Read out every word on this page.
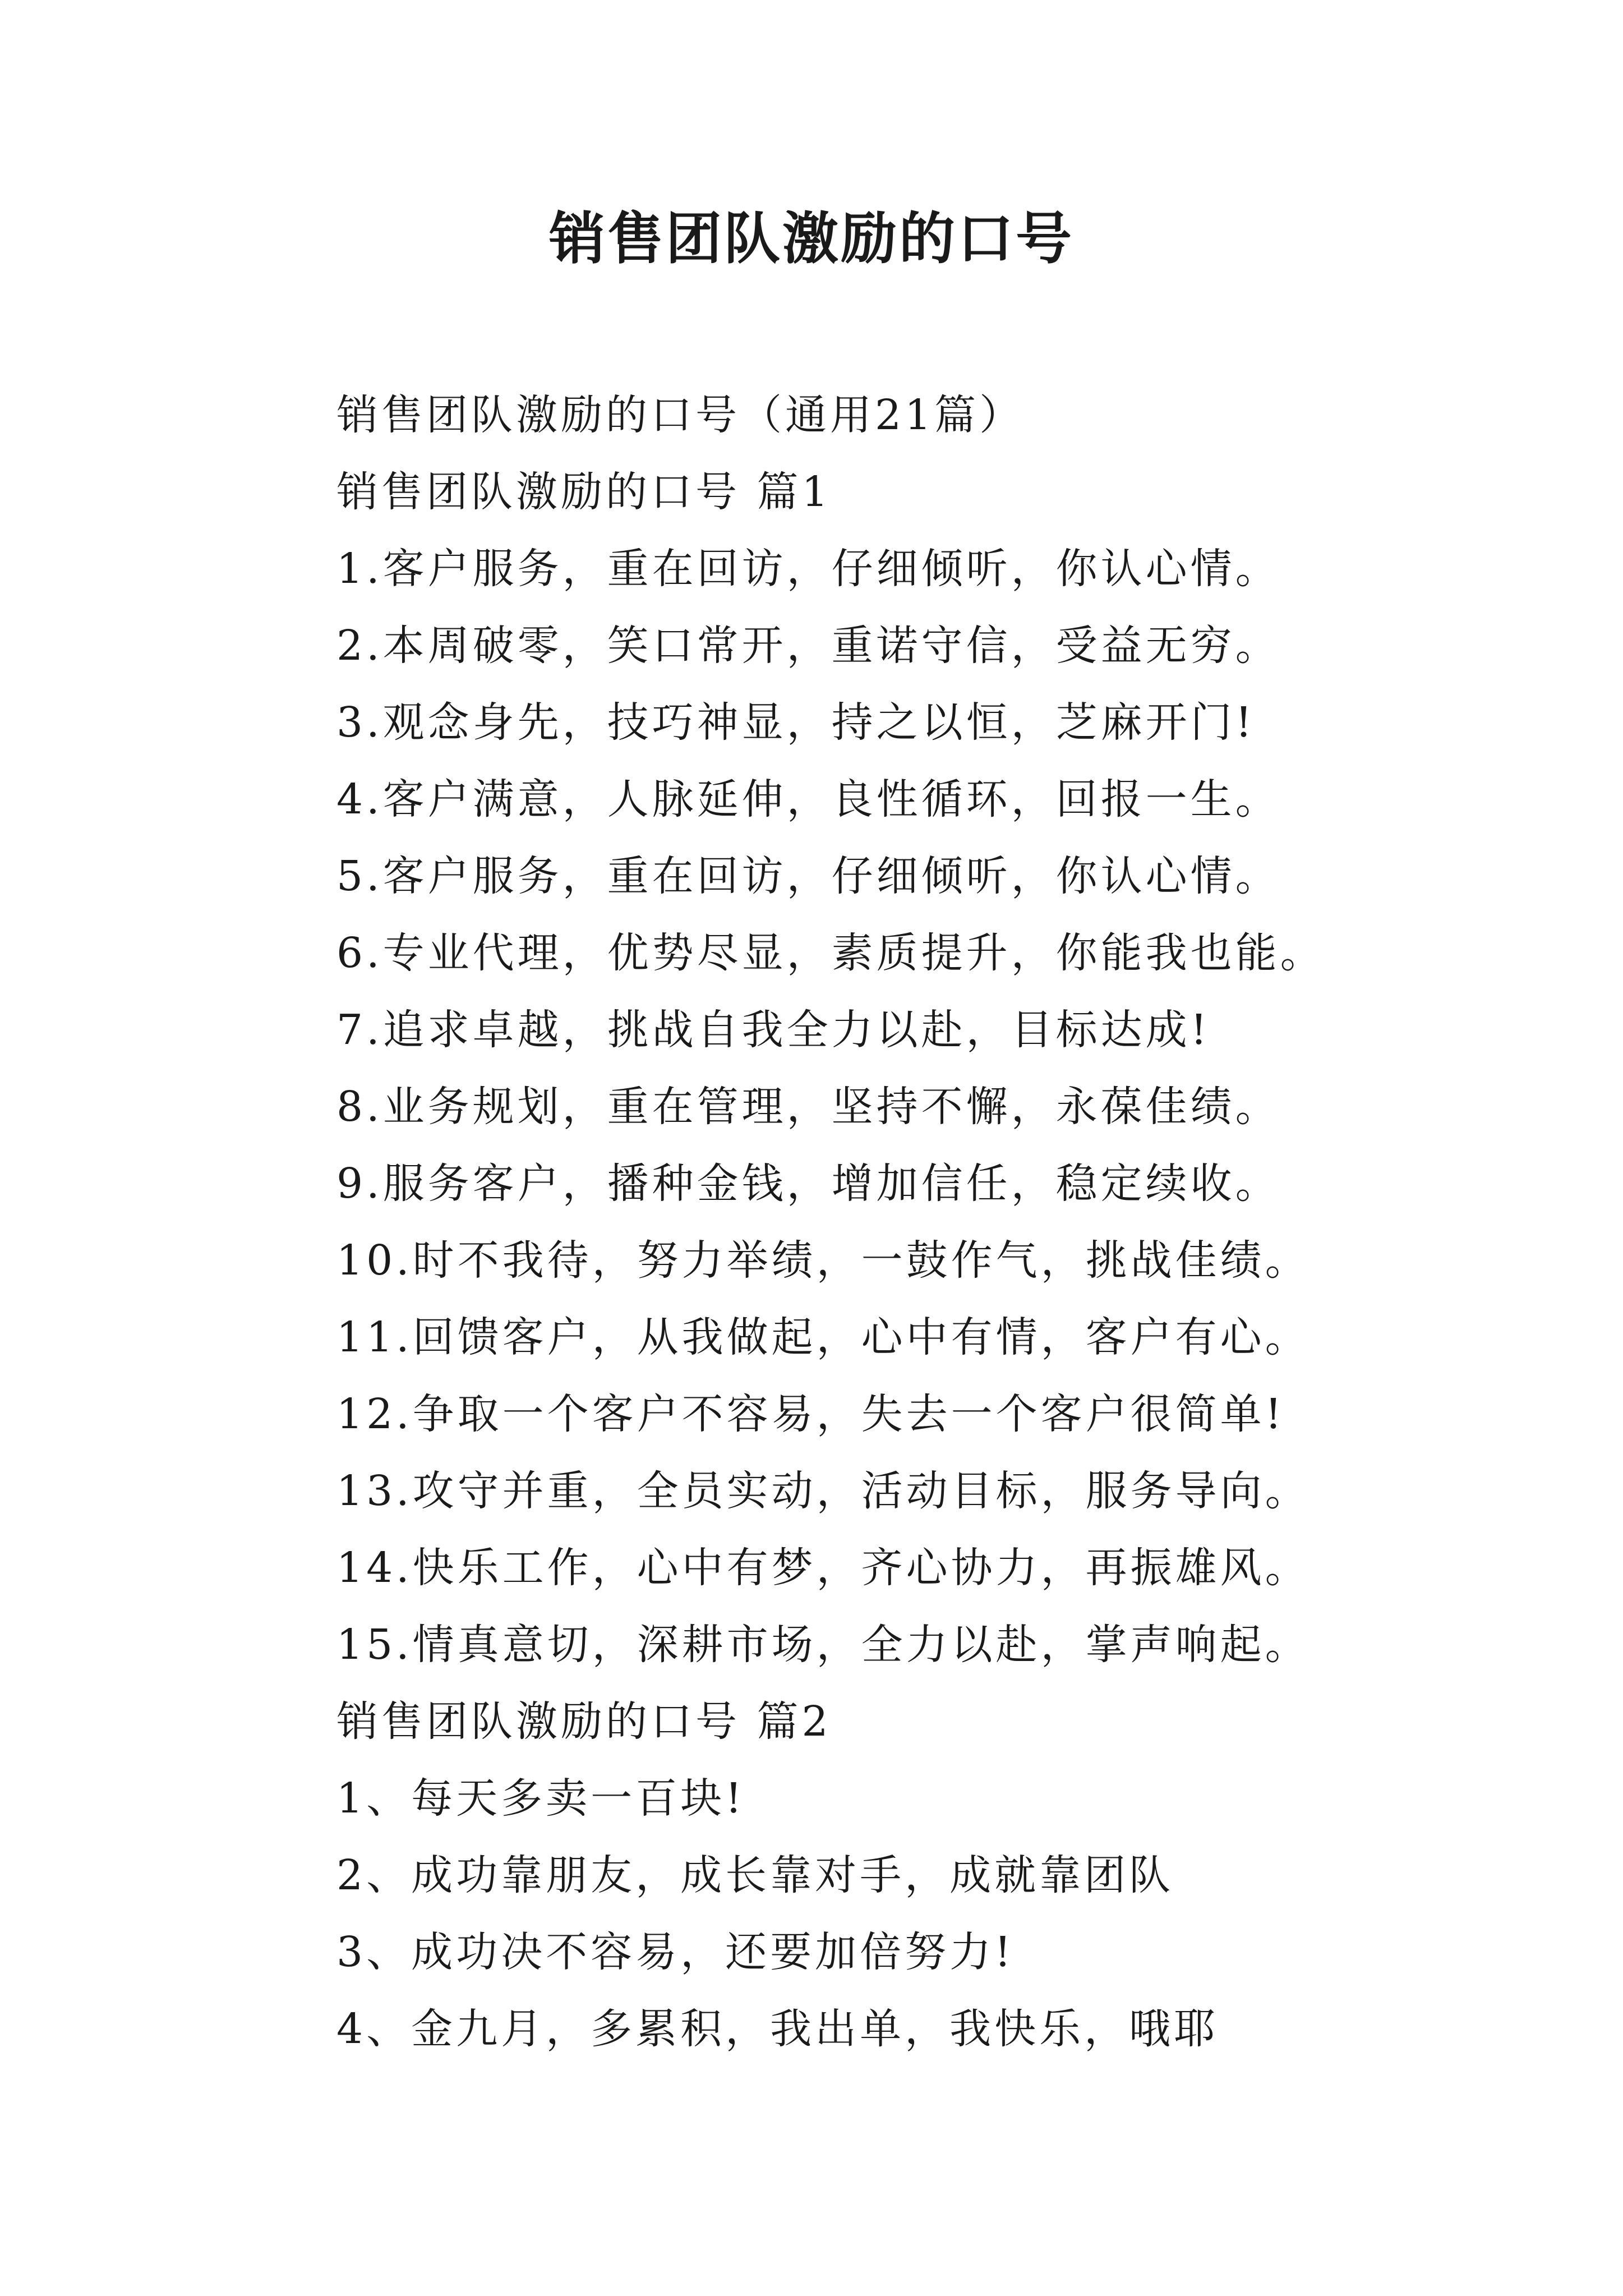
销售团队激励的口号
销售团队激励的口号（通用21篇）
销售团队激励的口号 篇1
1.客户服务，重在回访，仔细倾听，你认心情。
2.本周破零，笑口常开，重诺守信，受益无穷。
3.观念身先，技巧神显，持之以恒，芝麻开门!
4.客户满意，人脉延伸，良性循环，回报一生。
5.客户服务，重在回访，仔细倾听，你认心情。
6.专业代理，优势尽显，素质提升，你能我也能。
7.追求卓越，挑战自我全力以赴，目标达成!
8.业务规划，重在管理，坚持不懈，永葆佳绩。
9.服务客户，播种金钱，增加信任，稳定续收。
10.时不我待，努力举绩，一鼓作气，挑战佳绩。
11.回馈客户，从我做起，心中有情，客户有心。
12.争取一个客户不容易，失去一个客户很简单!
13.攻守并重，全员实动，活动目标，服务导向。
14.快乐工作，心中有梦，齐心协力，再振雄风。
15.情真意切，深耕市场，全力以赴，掌声响起。
销售团队激励的口号 篇2
1、每天多卖一百块!
2、成功靠朋友，成长靠对手，成就靠团队
3、成功决不容易，还要加倍努力!
4、金九月，多累积，我出单，我快乐，哦耶
